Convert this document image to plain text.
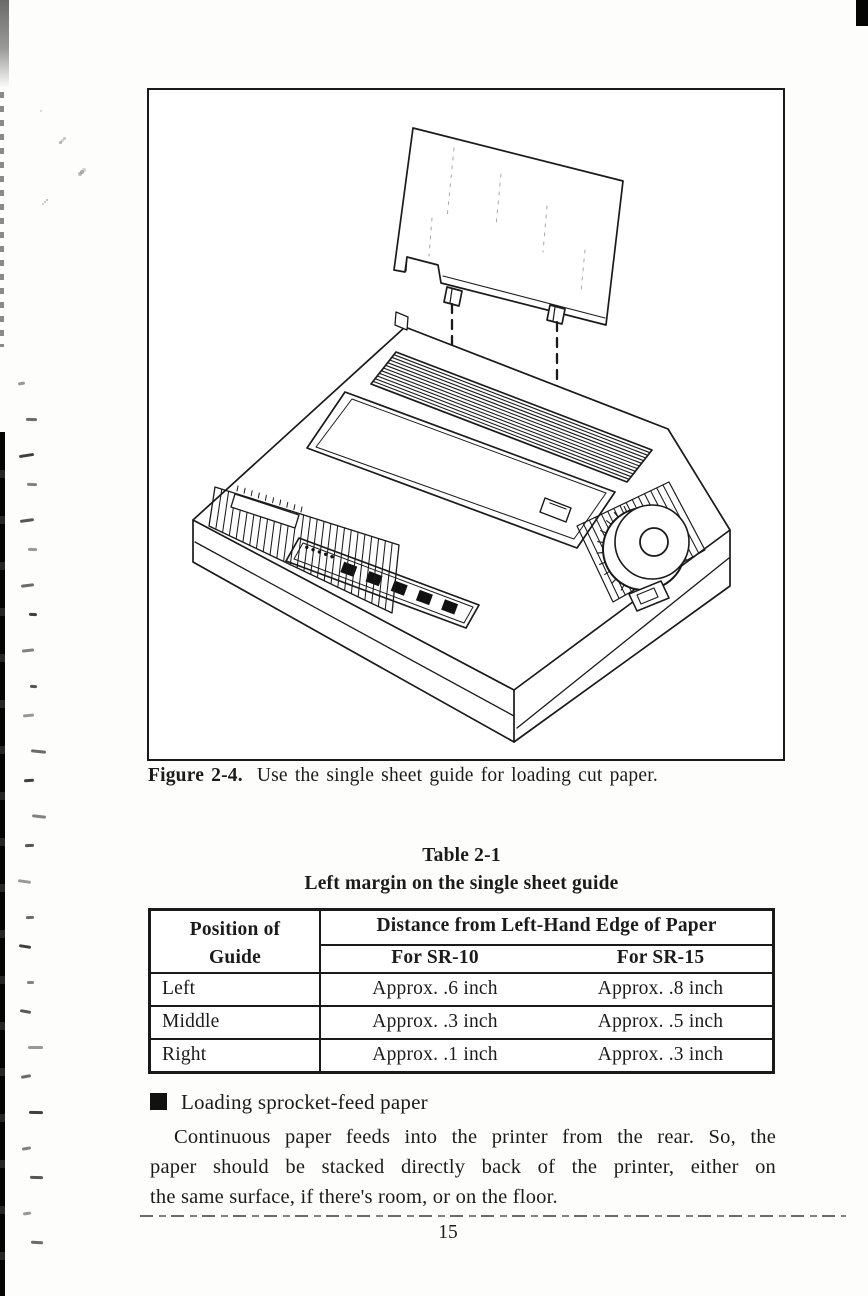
Figure 2-4. Use the single sheet guide for loading cut paper.
Table 2-1
Left margin on the single sheet guide
Position of
Guide
Distance from Left-Hand Edge of Paper
For SR-10	For SR-15
Left	Approx. .6 inch	Approx. .8 inch
Middle	Approx. .3 inch	Approx. .5 inch
Right	Approx. .1 inch	Approx. .3 inch
Loading sprocket-feed paper
Continuous paper feeds into the printer from the rear. So, the
paper should be stacked directly back of the printer, either on
the same surface, if there's room, or on the floor.
15
